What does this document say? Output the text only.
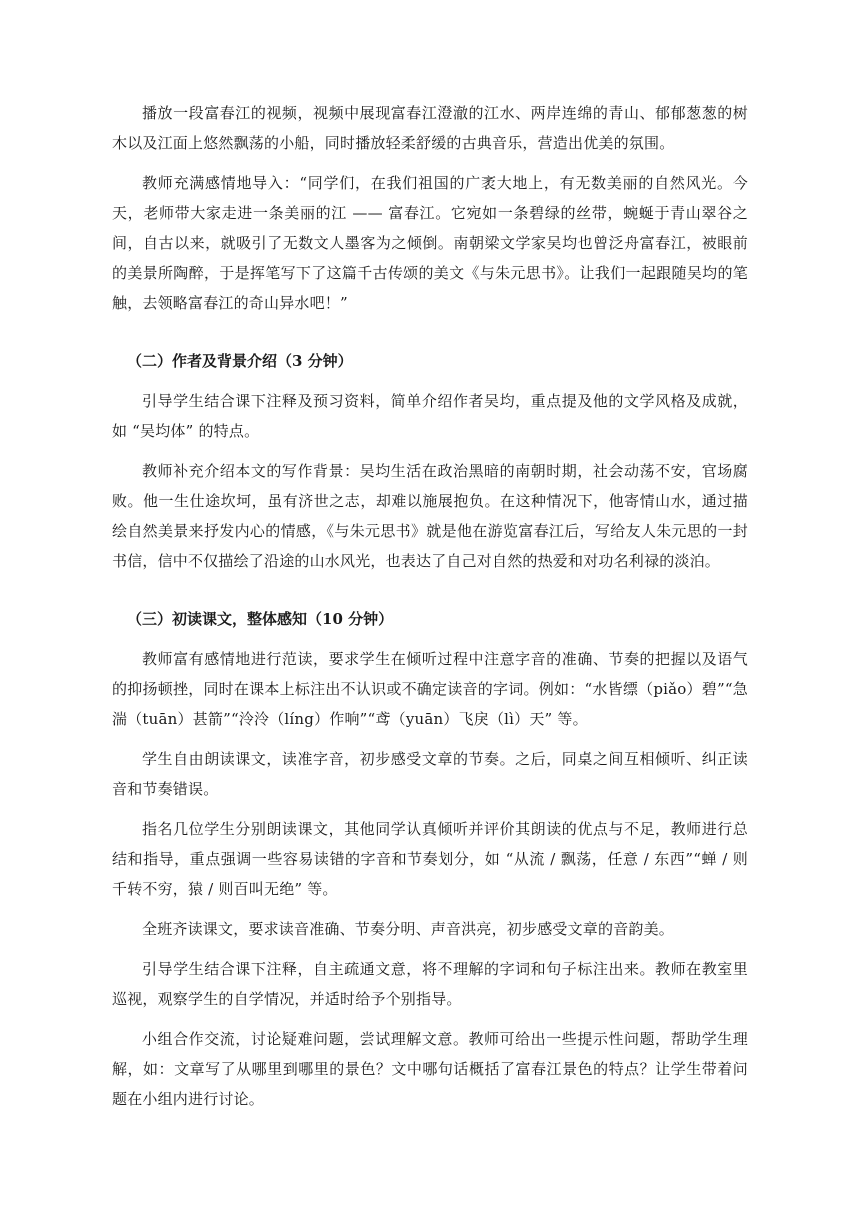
播放一段富春江的视频，视频中展现富春江澄澈的江水、两岸连绵的青山、郁郁葱葱的树木以及江面上悠然飘荡的小船，同时播放轻柔舒缓的古典音乐，营造出优美的氛围。

教师充满感情地导入：“同学们，在我们祖国的广袤大地上，有无数美丽的自然风光。今天，老师带大家走进一条美丽的江 —— 富春江。它宛如一条碧绿的丝带，蜿蜒于青山翠谷之间，自古以来，就吸引了无数文人墨客为之倾倒。南朝梁文学家吴均也曾泛舟富春江，被眼前的美景所陶醉，于是挥笔写下了这篇千古传颂的美文《与朱元思书》。让我们一起跟随吴均的笔触，去领略富春江的奇山异水吧！”

（二）作者及背景介绍（3 分钟）

引导学生结合课下注释及预习资料，简单介绍作者吴均，重点提及他的文学风格及成就，如 “吴均体” 的特点。

教师补充介绍本文的写作背景：吴均生活在政治黑暗的南朝时期，社会动荡不安，官场腐败。他一生仕途坎坷，虽有济世之志，却难以施展抱负。在这种情况下，他寄情山水，通过描绘自然美景来抒发内心的情感，《与朱元思书》就是他在游览富春江后，写给友人朱元思的一封书信，信中不仅描绘了沿途的山水风光，也表达了自己对自然的热爱和对功名利禄的淡泊。

（三）初读课文，整体感知（10 分钟）

教师富有感情地进行范读，要求学生在倾听过程中注意字音的准确、节奏的把握以及语气的抑扬顿挫，同时在课本上标注出不认识或不确定读音的字词。例如：“水皆缥（piǎo）碧”“急湍（tuān）甚箭”“泠泠（líng）作响”“鸢（yuān）飞戾（lì）天” 等。

学生自由朗读课文，读准字音，初步感受文章的节奏。之后，同桌之间互相倾听、纠正读音和节奏错误。

指名几位学生分别朗读课文，其他同学认真倾听并评价其朗读的优点与不足，教师进行总结和指导，重点强调一些容易读错的字音和节奏划分，如 “从流 / 飘荡，任意 / 东西”“蝉 / 则千转不穷，猿 / 则百叫无绝” 等。

全班齐读课文，要求读音准确、节奏分明、声音洪亮，初步感受文章的音韵美。

引导学生结合课下注释，自主疏通文意，将不理解的字词和句子标注出来。教师在教室里巡视，观察学生的自学情况，并适时给予个别指导。

小组合作交流，讨论疑难问题，尝试理解文意。教师可给出一些提示性问题，帮助学生理解，如：文章写了从哪里到哪里的景色？文中哪句话概括了富春江景色的特点？让学生带着问题在小组内进行讨论。
